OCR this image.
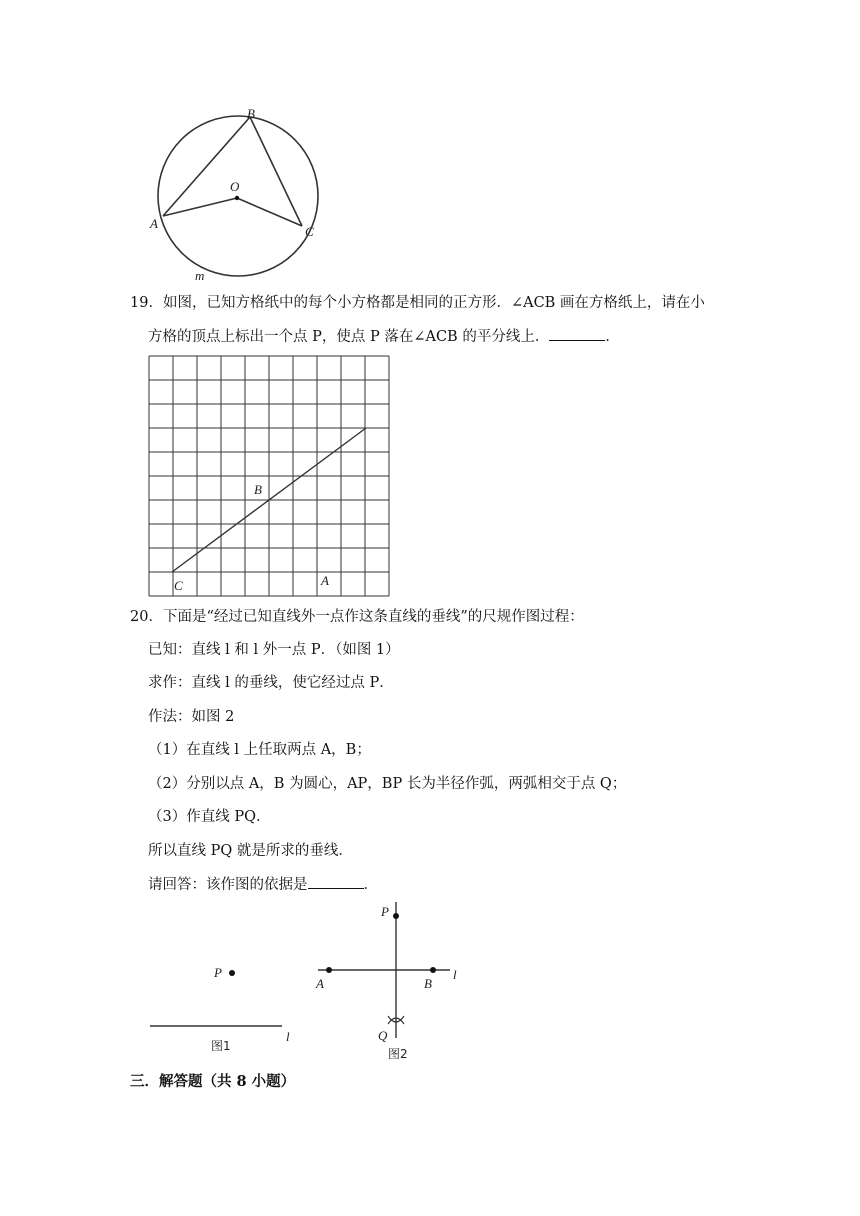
B
O
A
C
m
19．如图，已知方格纸中的每个小方格都是相同的正方形．∠ACB 画在方格纸上，请在小
方格的顶点上标出一个点 P，使点 P 落在∠ACB 的平分线上．	．
B
C	A
20．下面是“经过已知直线外一点作这条直线的垂线”的尺规作图过程：
已知：直线 l 和 l 外一点 P．（如图 1）
求作：直线 l 的垂线，使它经过点 P．
作法：如图 2
（1）在直线 l 上任取两点 A，B；
（2）分别以点 A，B 为圆心，AP，BP 长为半径作弧，两弧相交于点 Q；
（3）作直线 PQ．
所以直线 PQ 就是所求的垂线．
请回答：该作图的依据是	．
P
l
图1
P
A	B
l
Q
图2
三．解答题（共 8 小题）
